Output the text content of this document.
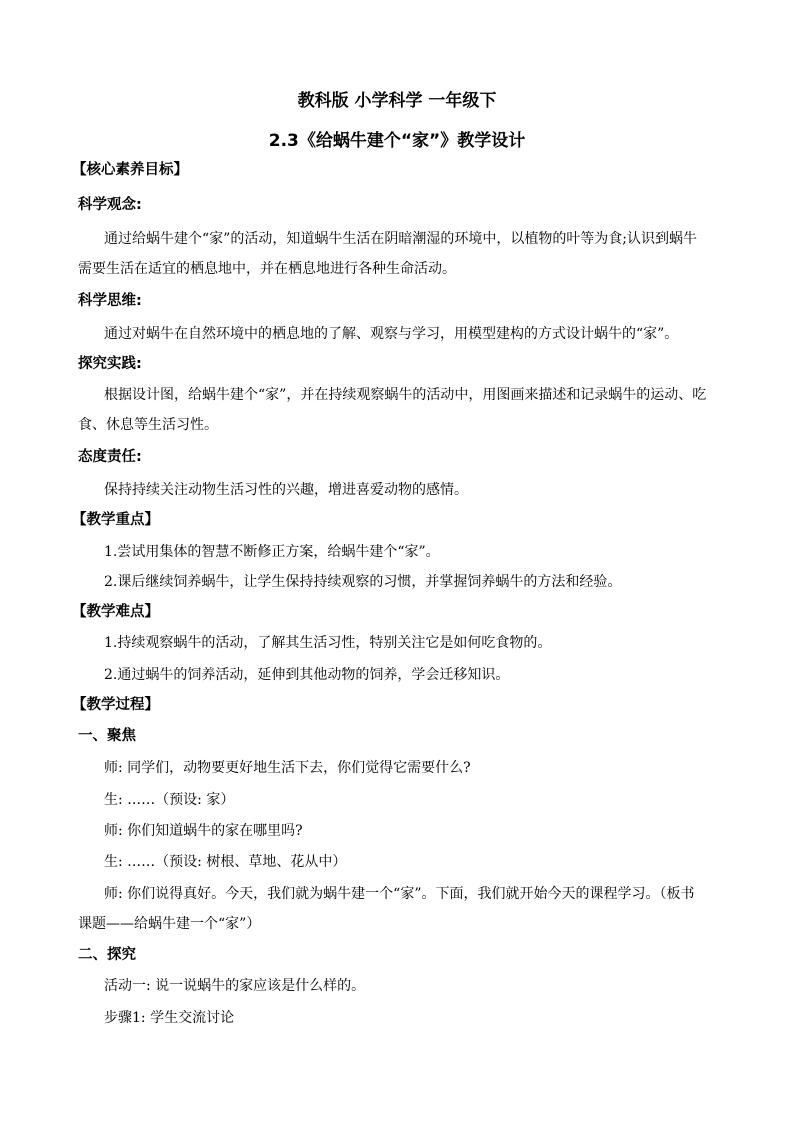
教科版 小学科学 一年级下
2.3《给蜗牛建个“家”》教学设计
【核心素养目标】
科学观念:
通过给蜗牛建个“家”的活动，知道蜗牛生活在阴暗潮湿的环境中，以植物的叶等为食;认识到蜗牛
需要生活在适宜的栖息地中，并在栖息地进行各种生命活动。
科学思维:
通过对蜗牛在自然环境中的栖息地的了解、观察与学习，用模型建构的方式设计蜗牛的“家”。
探究实践:
根据设计图，给蜗牛建个“家”，并在持续观察蜗牛的活动中，用图画来描述和记录蜗牛的运动、吃
食、休息等生活习性。
态度责任:
保持持续关注动物生活习性的兴趣，增进喜爱动物的感情。
【教学重点】
1.尝试用集体的智慧不断修正方案，给蜗牛建个“家”。
2.课后继续饲养蜗牛，让学生保持持续观察的习惯，并掌握饲养蜗牛的方法和经验。
【教学难点】
1.持续观察蜗牛的活动，了解其生活习性，特别关注它是如何吃食物的。
2.通过蜗牛的饲养活动，延伸到其他动物的饲养，学会迁移知识。
【教学过程】
一、聚焦
师: 同学们，动物要更好地生活下去，你们觉得它需要什么?
生: ……（预设: 家）
师: 你们知道蜗牛的家在哪里吗?
生: ……（预设: 树根、草地、花从中）
师: 你们说得真好。今天，我们就为蜗牛建一个“家”。下面，我们就开始今天的课程学习。（板书
课题——给蜗牛建一个“家”）
二、探究
活动一: 说一说蜗牛的家应该是什么样的。
步骤1: 学生交流讨论
